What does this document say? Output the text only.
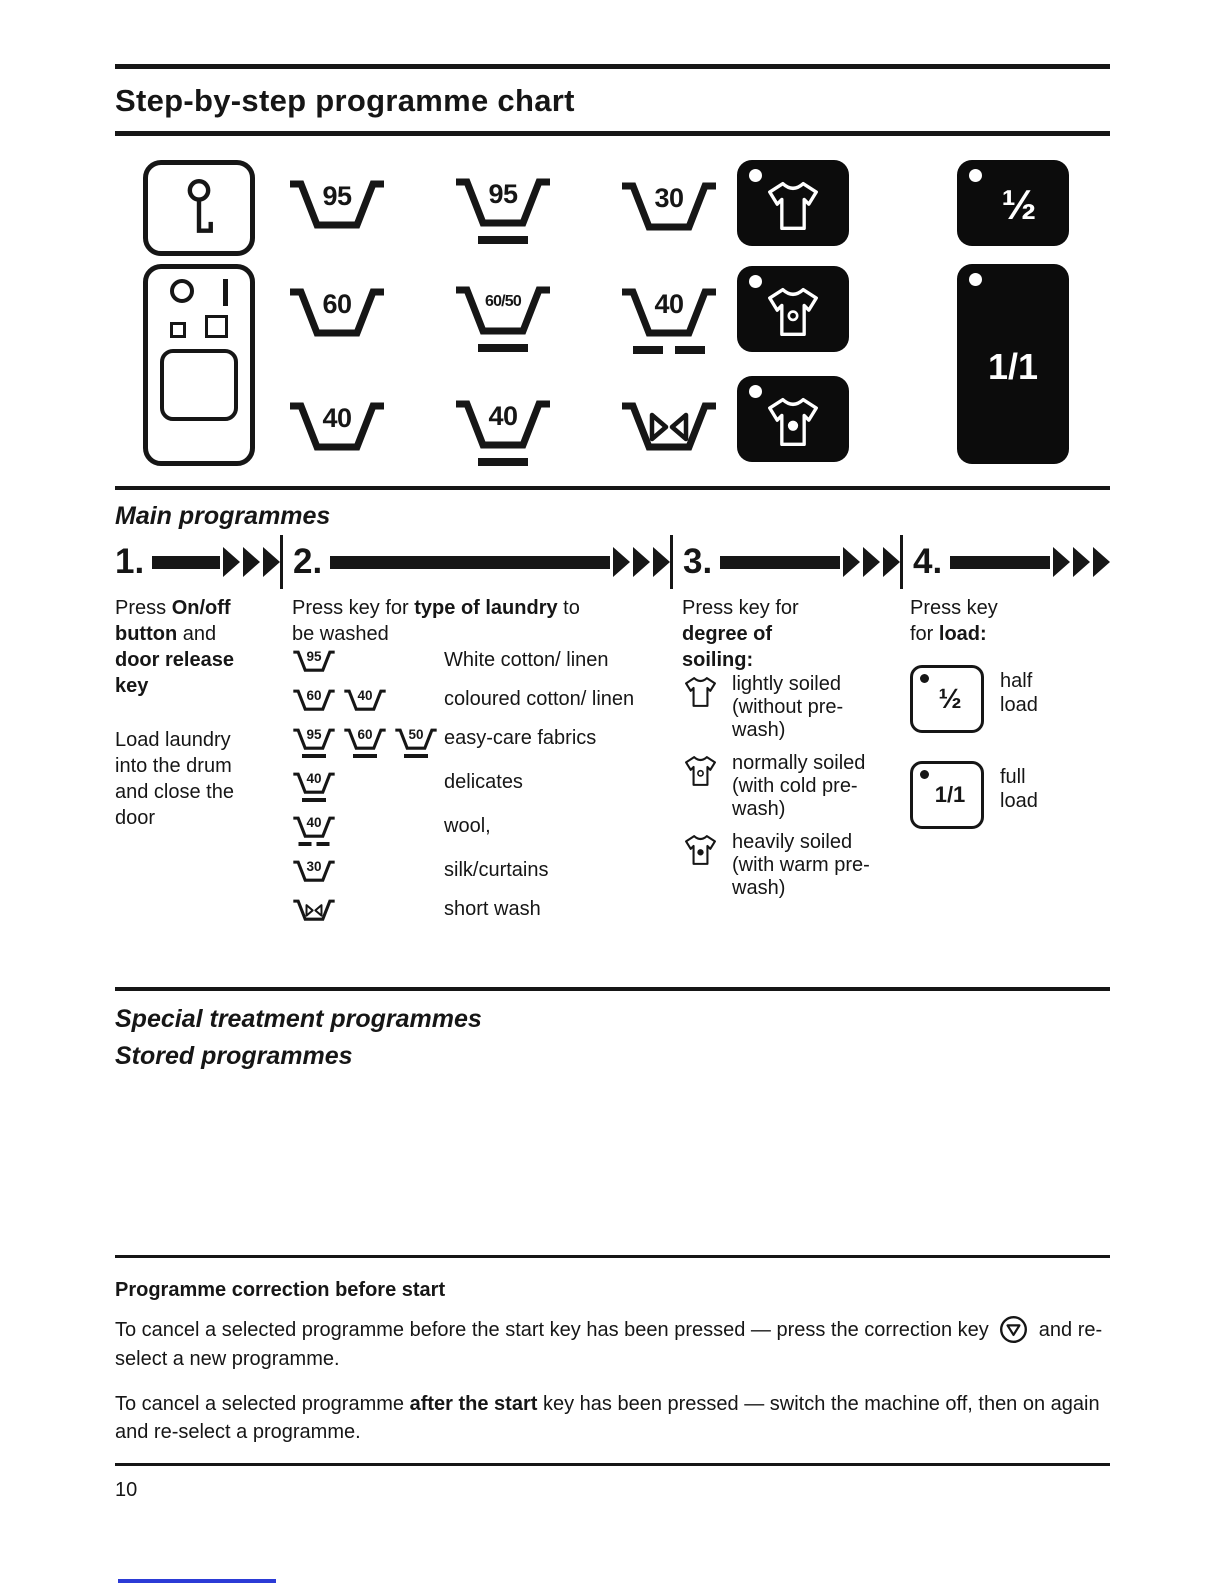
Step-by-step programme chart
95
60
40
95
60/50
40
30
40
½
1/1
Main programmes
1.	2.	3.	4.

Press On/off button and door release key

Load laundry into the drum and close the door

Press key for type of laundry to be washed

95	White cotton/ linen
60	40	coloured cotton/ linen
95	60	50	easy-care fabrics
40	delicates
40	wool,
30	silk/curtains
short wash

Press key for degree of soiling:

lightly soiled (without pre-wash)
normally soiled (with cold pre-wash)
heavily soiled (with warm pre-wash)

Press key for load:

½
half load
1/1
full load
Special treatment programmes
Stored programmes
Programme correction before start

To cancel a selected programme before the start key has been pressed — press the correction key	and re-select a new programme.

To cancel a selected programme after the start key has been pressed — switch the machine off, then on again and re-select a programme.

10
